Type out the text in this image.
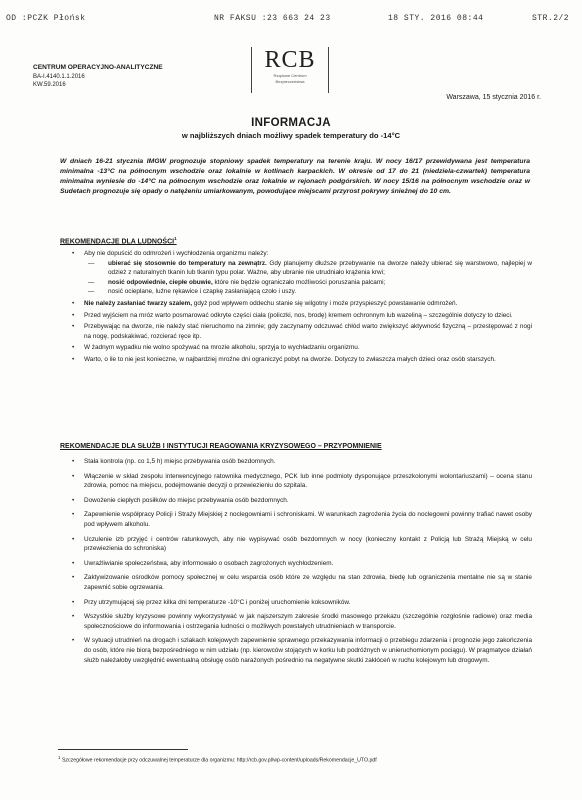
OD :PCZK Płońsk	NR FAKSU :23 663 24 23	18 STY. 2016 08:44	STR.2/2
CENTRUM OPERACYJNO-ANALITYCZNE
BA-I.4140.1.1.2016
KW.59.2016
RCB
Rządowe Centrum
Bezpieczeństwa
Warszawa, 15 stycznia 2016 r.
INFORMACJA
w najbliższych dniach możliwy spadek temperatury do -14°C
W dniach 16-21 stycznia IMGW prognozuje stopniowy spadek temperatury na terenie kraju. W nocy 16/17 przewidywana jest temperatura minimalna -13°C na północnym wschodzie oraz lokalnie w kotlinach karpackich. W okresie od 17 do 21 (niedziela-czwartek) temperatura minimalna wyniesie do -14°C na północnym wschodzie oraz lokalnie w rejonach podgórskich. W nocy 15/16 na północnym wschodzie oraz w Sudetach prognozuje się opady o natężeniu umiarkowanym, powodujące miejscami przyrost pokrywy śnieżnej do 10 cm.
REKOMENDACJE DLA LUDNOŚCI$^1$
• Aby nie dopuścić do odmrożeń i wychłodzenia organizmu należy:
— ubierać się stosownie do temperatury na zewnątrz. Gdy planujemy dłuższe przebywanie na dworze należy ubierać się warstwowo, najlepiej w odzież z naturalnych tkanin lub tkanin typu polar. Ważne, aby ubranie nie utrudniało krążenia krwi;
— nosić odpowiednie, ciepłe obuwie, które nie będzie ograniczało możliwości poruszania palcami;
— nosić ocieplane, luźne rękawice i czapkę zasłaniającą czoło i uszy.
• Nie należy zasłaniać twarzy szalem, gdyż pod wpływem oddechu stanie się wilgotny i może przyspieszyć powstawanie odmrożeń.
• Przed wyjściem na mróz warto posmarować odkryte części ciała (policzki, nos, brodę) kremem ochronnym lub wazeliną – szczególnie dotyczy to dzieci.
• Przebywając na dworze, nie należy stać nieruchomo na zimnie; gdy zaczynamy odczuwać chłód warto zwiększyć aktywność fizyczną – przestępować z nogi na nogę, podskakiwać, rozcierać ręce itp.
• W żadnym wypadku nie wolno spożywać na mrozie alkoholu, sprzyja to wychładzaniu organizmu.
• Warto, o ile to nie jest konieczne, w najbardziej mroźne dni ograniczyć pobyt na dworze. Dotyczy to zwłaszcza małych dzieci oraz osób starszych.
REKOMENDACJE DLA SŁUŻB I INSTYTUCJI REAGOWANIA KRYZYSOWEGO – PRZYPOMNIENIE
• Stała kontrola (np. co 1,5 h) miejsc przebywania osób bezdomnych.
• Włączenie w skład zespołu interwencyjnego ratownika medycznego, PCK lub inne podmioty dysponujące przeszkolonymi wolontariuszami) – ocena stanu zdrowia, pomoc na miejscu, podejmowanie decyzji o przewiezieniu do szpitala.
• Dowożenie ciepłych posiłków do miejsc przebywania osób bezdomnych.
• Zapewnienie współpracy Policji i Straży Miejskiej z noclegowniami i schroniskami. W warunkach zagrożenia życia do noclegowni powinny trafiać nawet osoby pod wpływem alkoholu.
• Uczulenie izb przyjęć i centrów ratunkowych, aby nie wypisywać osób bezdomnych w nocy (konieczny kontakt z Policją lub Strażą Miejską w celu przewiezienia do schroniska)
• Uwrażliwianie społeczeństwa, aby informowało o osobach zagrożonych wychłodzeniem.
• Zaktywizowanie ośrodków pomocy społecznej w celu wsparcia osób które ze względu na stan zdrowia, biedę lub ograniczenia mentalne nie są w stanie zapewnić sobie ogrzewania.
• Przy utrzymującej się przez kilka dni temperaturze -10°C i poniżej uruchomienie koksowników.
• Wszystkie służby kryzysowe powinny wykorzystywać w jak najszerszym zakresie środki masowego przekazu (szczególnie rozgłośnie radiowe) oraz media społecznościowe do informowania i ostrzegania ludności o możliwych powstałych utrudnieniach w transporcie.
• W sytuacji utrudnień na drogach i szlakach kolejowych zapewnienie sprawnego przekazywania informacji o przebiegu zdarzenia i prognozie jego zakończenia do osób, które nie biorą bezpośredniego w nim udziału (np. kierowców stojących w korku lub podróżnych w unieruchomionym pociągu). W pragmatyce działań służb należałoby uwzględnić ewentualną obsługę osób narażonych pośrednio na negatywne skutki zakłóceń w ruchu kolejowym lub drogowym.
$^1$ Szczegółowe rekomendacje przy odczuwalnej temperaturze dla organizmu: http://rcb.gov.pl/wp-content/uploads/Rekomendacje_UTO.pdf
